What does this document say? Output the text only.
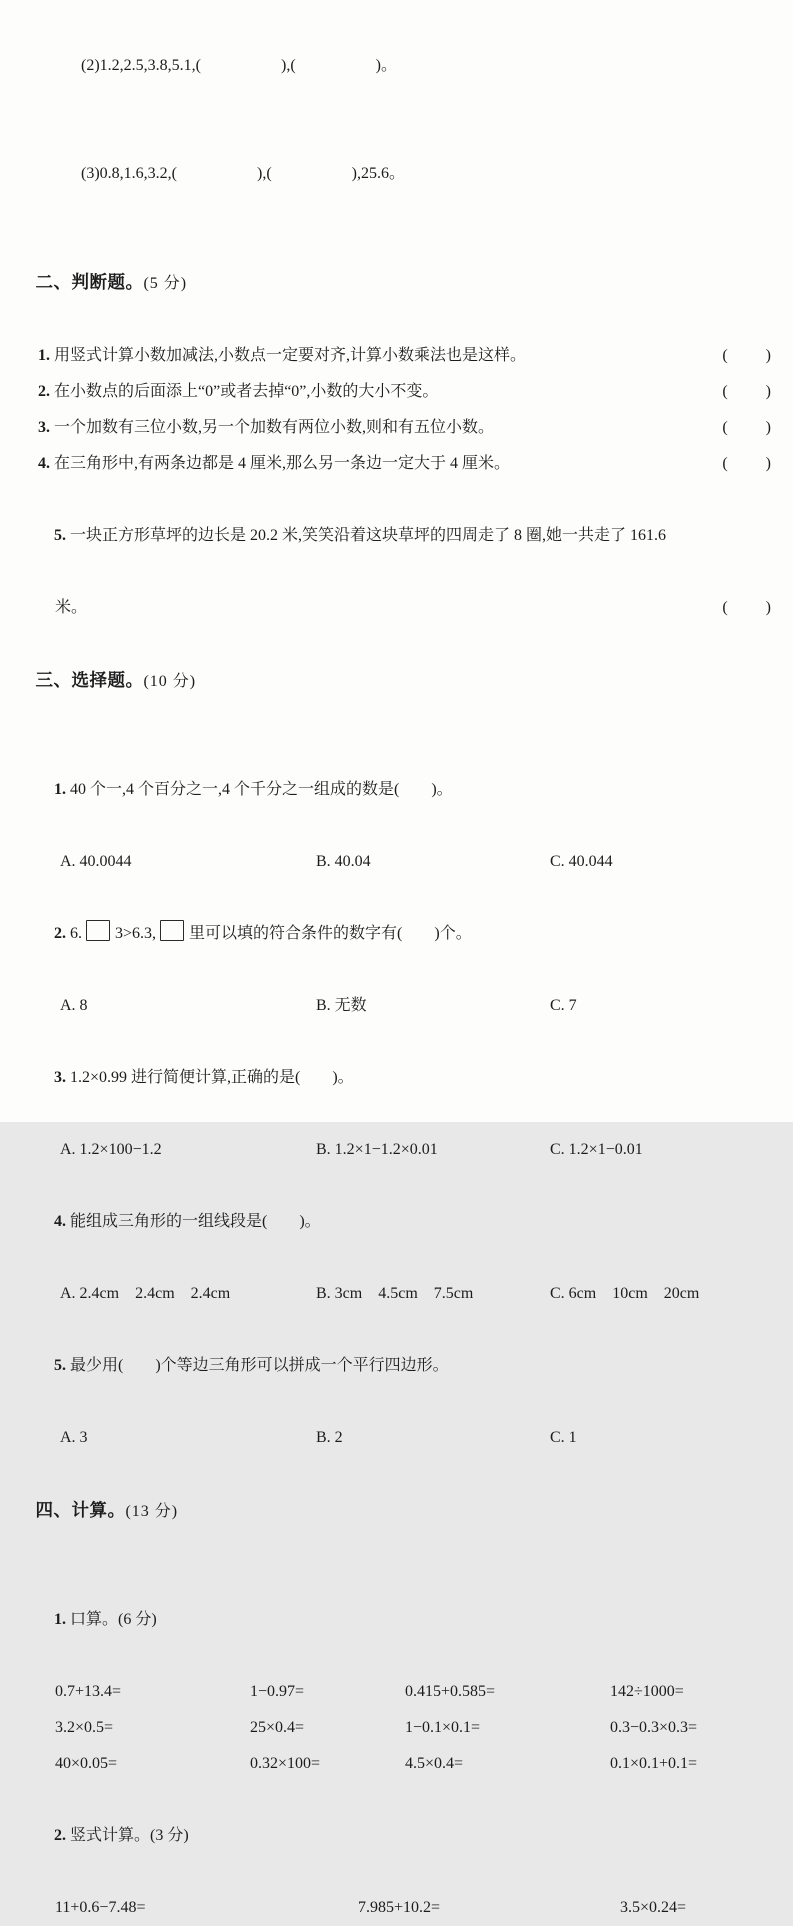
(2)1.2,2.5,3.8,5.1,(　　　　　),(　　　　　)。

(3)0.8,1.6,3.2,(　　　　　),(　　　　　),25.6。

二、判断题。(5 分)

1. 用竖式计算小数加减法,小数点一定要对齐,计算小数乘法也是这样。	(　　)
2. 在小数点的后面添上“0”或者去掉“0”,小数的大小不变。	(　　)
3. 一个加数有三位小数,另一个加数有两位小数,则和有五位小数。	(　　)
4. 在三角形中,有两条边都是 4 厘米,那么另一条边一定大于 4 厘米。	(　　)

5. 一块正方形草坪的边长是 20.2 米,笑笑沿着这块草坪的四周走了 8 圈,她一共走了 161.6

米。	(　　)

三、选择题。(10 分)

1. 40 个一,4 个百分之一,4 个千分之一组成的数是(　　)。

A. 40.0044	B. 40.04	C. 40.044

2. 6. 3>6.3, 里可以填的符合条件的数字有(　　)个。

A. 8	B. 无数	C. 7

3. 1.2×0.99 进行简便计算,正确的是(　　)。

A. 1.2×100−1.2	B. 1.2×1−1.2×0.01	C. 1.2×1−0.01

4. 能组成三角形的一组线段是(　　)。

A. 2.4cm　2.4cm　2.4cm	B. 3cm　4.5cm　7.5cm	C. 6cm　10cm　20cm

5. 最少用(　　)个等边三角形可以拼成一个平行四边形。

A. 3	B. 2	C. 1

四、计算。(13 分)

1. 口算。(6 分)

0.7+13.4=	1−0.97=	0.415+0.585=	142÷1000=
3.2×0.5=	25×0.4=	1−0.1×0.1=	0.3−0.3×0.3=
40×0.05=	0.32×100=	4.5×0.4=	0.1×0.1+0.1=

2. 竖式计算。(3 分)

11+0.6−7.48=	7.985+10.2=	3.5×0.24=
